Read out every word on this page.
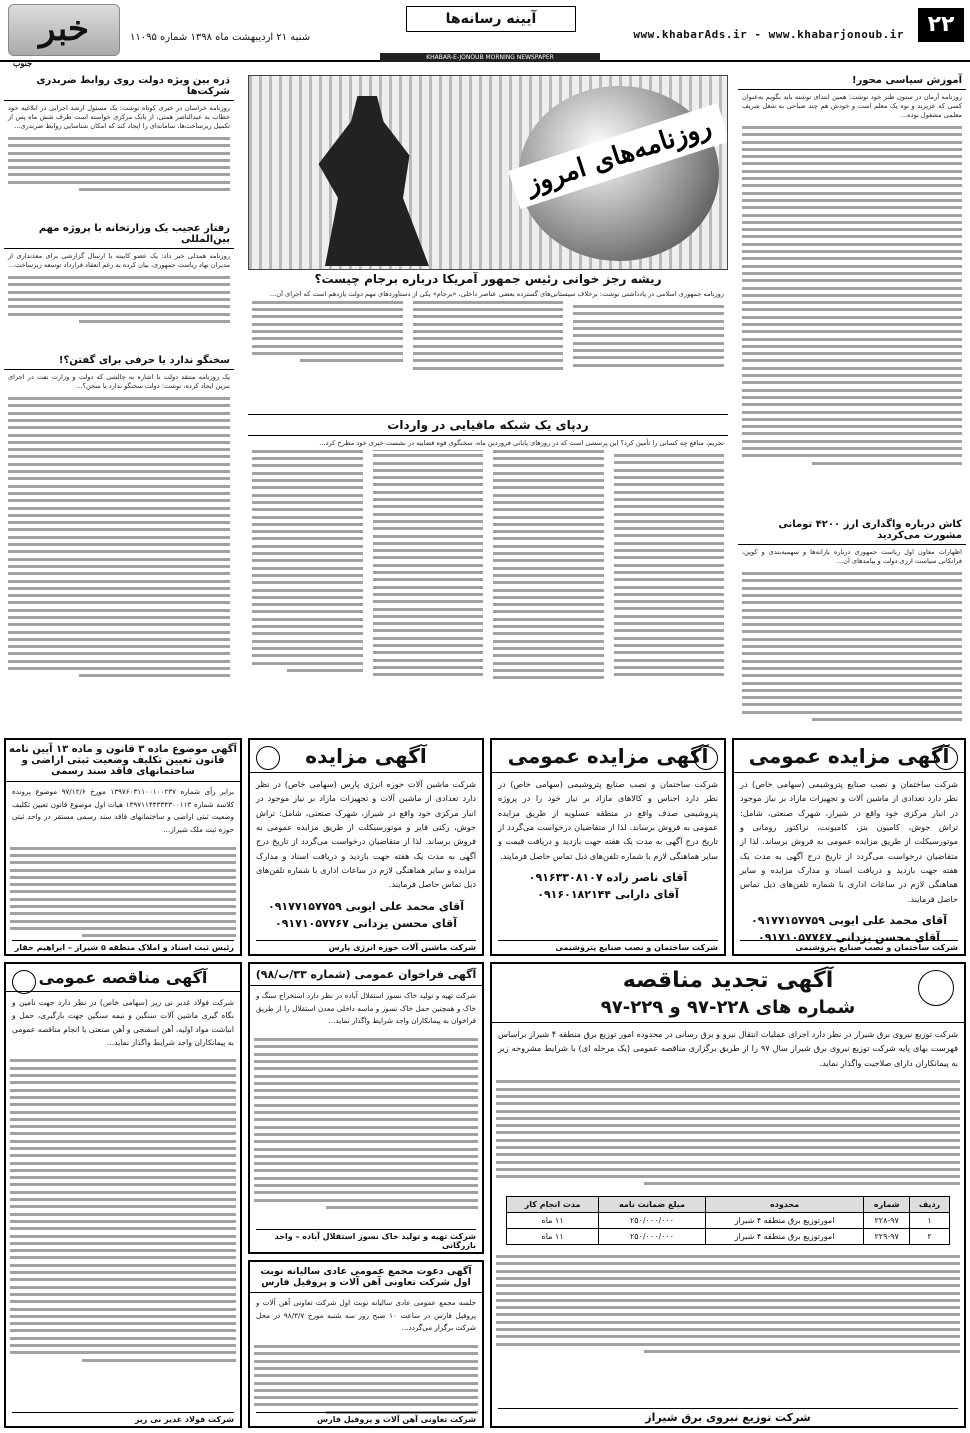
۲۲
www.khabarAds.ir - www.khabarjonoub.ir
آیینه رسانه‌ها
شنبه ۲۱ اردیبهشت ماه ۱۳۹۸ شماره ۱۱۰۹۵
خبر
جنوب
KHABAR-E-JONOUB MORNING NEWSPAPER
ذره بین ویژه دولت روی روابط ضربدری شرکت‌ها
روزنامه خراسان در خبری کوتاه نوشت: یک مسئول ارشد اجرایی در ابلاغیه خود خطاب به عبدالناصر همتی، از بانک مرکزی خواسته است طرف شش ماه پس از تکمیل زیرساخت‌ها، سامانه‌ای را ایجاد کند که امکان شناسایی روابط ضربدری...
رفتار عجیب یک وزارتخانه با پروژه مهم بین‌المللی
روزنامه همدلی خبر داد: یک عضو کابینه با ارسال گزارشی برای معدنداری از مدیران نهاد ریاست جمهوری، بیان کرده به رغم انعقاد قرارداد توسعه زیرساخت...
سخنگو ندارد یا حرفی برای گفتن؟!
یک روزنامه منتقد دولت با اشاره به چالشی که دولت و وزارت نفت در اجرای بنزین ایجاد کرده، نوشت: دولت سخنگو ندارد یا سخن؟...
آموزش سیاسی محور!
روزنامه آرمان در ستون طنز خود نوشت: همین ابتدای نوشته باید بگویم به‌عنوان کسی که عزیزند و نوه یک معلم است و خودش هم چند صباحی به شغل شریف معلمی مشغول بوده...
کاش درباره واگذاری ارز ۴۲۰۰ تومانی مشورت می‌کردید
اظهارات معاون اول ریاست جمهوری درباره یارانه‌ها و سهمیه‌بندی و کوپن، فراتکانی سیاست ارزی دولت و پیامدهای آن...
روزنامه‌های امروز
ریشه رجز خوانی رئیس جمهور آمریکا درباره برجام چیست؟
روزنامه جمهوری اسلامی در یادداشتی نوشت: برخلاف سیستانی‌های گسترده بعضی عناصر داخلی، «برجام» یکی از دستاوردهای مهم دولت یازدهم است که اجرای آن...
ردپای یک شبکه مافیایی در واردات
تحریم، منافع چه کسانی را تأمین کرد؟ این پرسشی است که در روزهای پایانی فروردین ماه، سخنگوی قوه قضاییه در نشست خبری خود مطرح کرد...
آگهی مزایده عمومی
شرکت ساختمان و نصب صنایع پتروشیمی (سهامی خاص) در نظر دارد تعدادی از ماشین آلات و تجهیزات مازاد بر نیاز موجود در انبار مرکزی خود واقع در شیراز، شهرک صنعتی، شامل: تراش جوش، کامیون بنز، کامیونت، تراکتور رومانی و موتورسیکلت از طریق مزایده عمومی به فروش برساند. لذا از متقاضیان درخواست می‌گردد از تاریخ درج آگهی به مدت یک هفته جهت بازدید و دریافت اسناد و مدارک مزایده و سایر هماهنگی لازم در ساعات اداری با شماره تلفن‌های ذیل تماس حاصل فرمایند.
آقای محمد علی ایوبی ۰۹۱۷۷۱۵۷۷۵۹
آقای محسن یزدانی ۰۹۱۷۱۰۵۷۷۶۷
شرکت ساختمان و نصب صنایع پتروشیمی
آگهی مزایده عمومی
شرکت ساختمان و نصب صنایع پتروشیمی (سهامی خاص) در نظر دارد اجناس و کالاهای مازاد بر نیاز خود را در پروژه پتروشیمی صدف واقع در منطقه عسلویه از طریق مزایده عمومی به فروش برساند. لذا از متقاضیان درخواست می‌گردد از تاریخ درج آگهی به مدت یک هفته جهت بازدید و دریافت قیمت و سایر هماهنگی لازم با شماره تلفن‌های ذیل تماس حاصل فرمایند.
آقای ناصر زاده ۰۹۱۶۳۳۰۸۱۰۷
آقای دارابی ۰۹۱۶۰۱۸۲۱۴۴
شرکت ساختمان و نصب صنایع پتروشیمی
آگهی مزایده
شرکت ماشین آلات حوزه انرژی پارس (سهامی خاص) در نظر دارد تعدادی از ماشین آلات و تجهیزات مازاد بر نیاز موجود در انبار مرکزی خود واقع در شیراز، شهرک صنعتی، شامل: تراش جوش، رکتی فایر و موتورسیکلت از طریق مزایده عمومی به فروش برساند. لذا از متقاضیان درخواست می‌گردد از تاریخ درج آگهی به مدت یک هفته جهت بازدید و دریافت اسناد و مدارک مزایده و سایر هماهنگی لازم در ساعات اداری با شماره تلفن‌های ذیل تماس حاصل فرمایند.
آقای محمد علی ایوبی ۰۹۱۷۷۱۵۷۷۵۹
آقای محسن یزدانی ۰۹۱۷۱۰۵۷۷۶۷
شرکت ماشین آلات حوزه انرژی پارس
آگهی موضوع ماده ۳ قانون و ماده ۱۳ آیین نامه قانون تعیین تکلیف وضعیت ثبتی اراضی و ساختمانهای فاقد سند رسمی
برابر رأی شماره ۱۳۹۷۶۰۳۱۱۰۰۱۰۰۲۳۷ مورخ ۹۷/۱۲/۶ موضوع پرونده کلاسه شماره ۱۳۹۷۱۱۴۴۳۳۴۳۰۰۱۱۳ هیات اول موضوع قانون تعیین تکلیف وضعیت ثبتی اراضی و ساختمانهای فاقد سند رسمی مستقر در واحد ثبتی حوزه ثبت ملک شیراز...
رئیس ثبت اسناد و املاک منطقه ۵ شیراز – ابراهیم حقار
آگهی تجدید مناقصه
شماره های ۲۲۸-۹۷ و ۲۲۹-۹۷
شرکت توزیع نیروی برق شیراز در نظر دارد اجرای عملیات انتقال نیرو و برق رسانی در محدوده امور توزیع برق منطقه ۴ شیراز براساس فهرست بهای پایه شرکت توزیع نیروی برق شیراز سال ۹۷ را از طریق برگزاری مناقصه عمومی (یک مرحله ای) با شرایط مشروحه زیر به پیمانکاران دارای صلاحیت واگذار نماید.
ردیف	شماره	محدوده	مبلغ ضمانت نامه	مدت انجام کار
۱	۲۲۸-۹۷	امورتوزیع برق منطقه ۴ شیراز	۲۵۰/۰۰۰/۰۰۰	۱۱ ماه
۲	۲۲۹-۹۷	امورتوزیع برق منطقه ۴ شیراز	۲۵۰/۰۰۰/۰۰۰	۱۱ ماه
شرکت توزیع نیروی برق شیراز
آگهی فراخوان عمومی (شماره ۳۳/ب/۹۸)
شرکت تهیه و تولید خاک نسوز استقلال آباده در نظر دارد استخراج سنگ و خاک و همچنین حمل خاک نسوز و ماسه داخلی معدن استقلال را از طریق فراخوان به پیمانکاران واجد شرایط واگذار نماید...
شرکت تهیه و تولید خاک نسوز استقلال آباده – واحد بازرگانی
آگهی دعوت مجمع عمومی عادی سالیانه نوبت اول شرکت تعاونی آهن آلات و پروفیل فارس
جلسه مجمع عمومی عادی سالیانه نوبت اول شرکت تعاونی آهن آلات و پروفیل فارس در ساعت ۱۰ صبح روز سه شنبه مورخ ۹۸/۳/۷ در محل شرکت برگزار می‌گردد...
شرکت تعاونی آهن آلات و پروفیل فارس
آگهی مناقصه عمومی
شرکت فولاد غدیر نی ریز (سهامی خاص) در نظر دارد جهت تامین و نگاه گیری ماشین آلات سنگین و نیمه سنگین جهت بارگیری، حمل و انباشت مواد اولیه، آهن اسفنجی و آهن صنعتی با انجام مناقصه عمومی به پیمانکاران واجد شرایط واگذار نماید...
شرکت فولاد غدیر نی ریز
